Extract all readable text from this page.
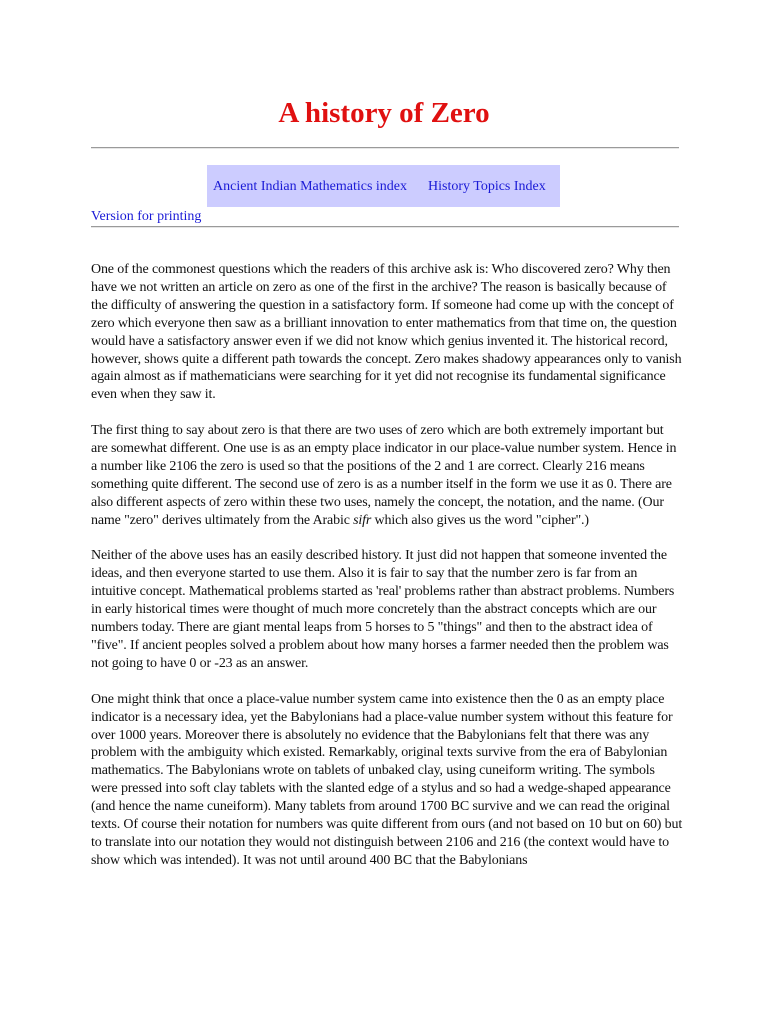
A history of Zero
Ancient Indian Mathematics index	History Topics Index
Version for printing

One of the commonest questions which the readers of this archive ask is: Who discovered zero? Why then have we not written an article on zero as one of the first in the archive? The reason is basically because of the difficulty of answering the question in a satisfactory form. If someone had come up with the concept of zero which everyone then saw as a brilliant innovation to enter mathematics from that time on, the question would have a satisfactory answer even if we did not know which genius invented it. The historical record, however, shows quite a different path towards the concept. Zero makes shadowy appearances only to vanish again almost as if mathematicians were searching for it yet did not recognise its fundamental significance even when they saw it.

The first thing to say about zero is that there are two uses of zero which are both extremely important but are somewhat different. One use is as an empty place indicator in our place-value number system. Hence in a number like 2106 the zero is used so that the positions of the 2 and 1 are correct. Clearly 216 means something quite different. The second use of zero is as a number itself in the form we use it as 0. There are also different aspects of zero within these two uses, namely the concept, the notation, and the name. (Our name "zero" derives ultimately from the Arabic sifr which also gives us the word "cipher".)

Neither of the above uses has an easily described history. It just did not happen that someone invented the ideas, and then everyone started to use them. Also it is fair to say that the number zero is far from an intuitive concept. Mathematical problems started as 'real' problems rather than abstract problems. Numbers in early historical times were thought of much more concretely than the abstract concepts which are our numbers today. There are giant mental leaps from 5 horses to 5 "things" and then to the abstract idea of "five". If ancient peoples solved a problem about how many horses a farmer needed then the problem was not going to have 0 or -23 as an answer.

One might think that once a place-value number system came into existence then the 0 as an empty place indicator is a necessary idea, yet the Babylonians had a place-value number system without this feature for over 1000 years. Moreover there is absolutely no evidence that the Babylonians felt that there was any problem with the ambiguity which existed. Remarkably, original texts survive from the era of Babylonian mathematics. The Babylonians wrote on tablets of unbaked clay, using cuneiform writing. The symbols were pressed into soft clay tablets with the slanted edge of a stylus and so had a wedge-shaped appearance (and hence the name cuneiform). Many tablets from around 1700 BC survive and we can read the original texts. Of course their notation for numbers was quite different from ours (and not based on 10 but on 60) but to translate into our notation they would not distinguish between 2106 and 216 (the context would have to show which was intended). It was not until around 400 BC that the Babylonians
